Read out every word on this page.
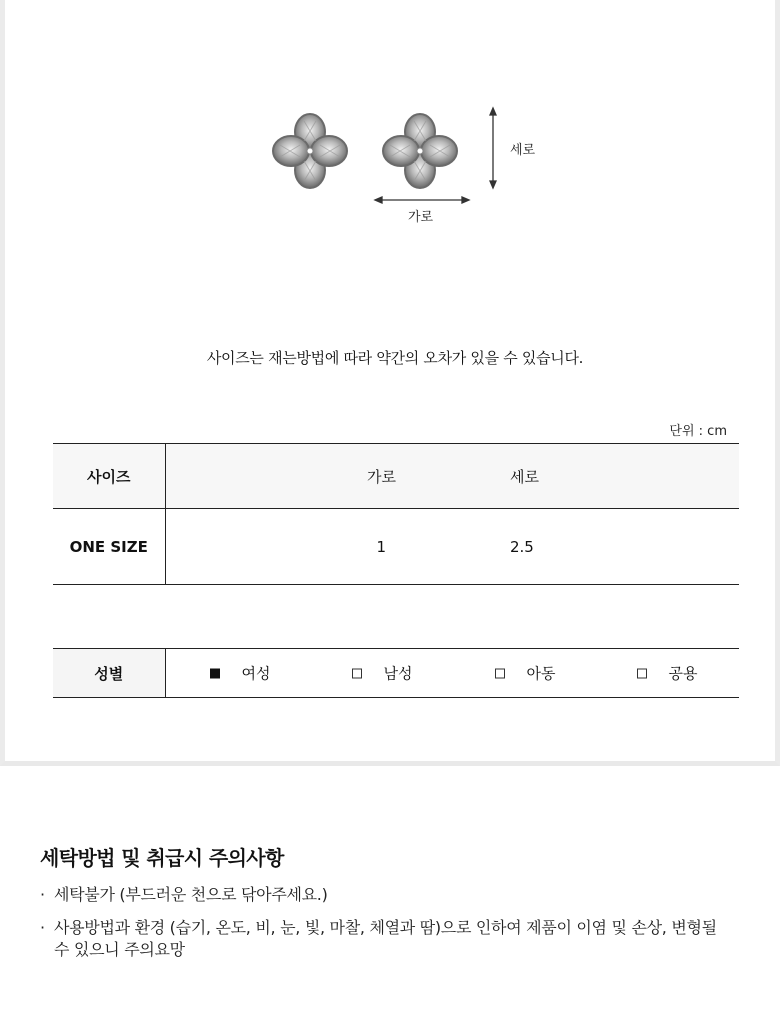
세로
가로
사이즈는 재는방법에 따라 약간의 오차가 있을 수 있습니다.
단위 : cm
사이즈	가로	세로
ONE SIZE	1	2.5
성별	여성	남성	아동	공용
세탁방법 및 취급시 주의사항
· 세탁불가 (부드러운 천으로 닦아주세요.)
· 사용방법과 환경 (습기, 온도, 비, 눈, 빛, 마찰, 체열과 땀)으로 인하여 제품이 이염 및 손상, 변형될 수 있으니 주의요망
